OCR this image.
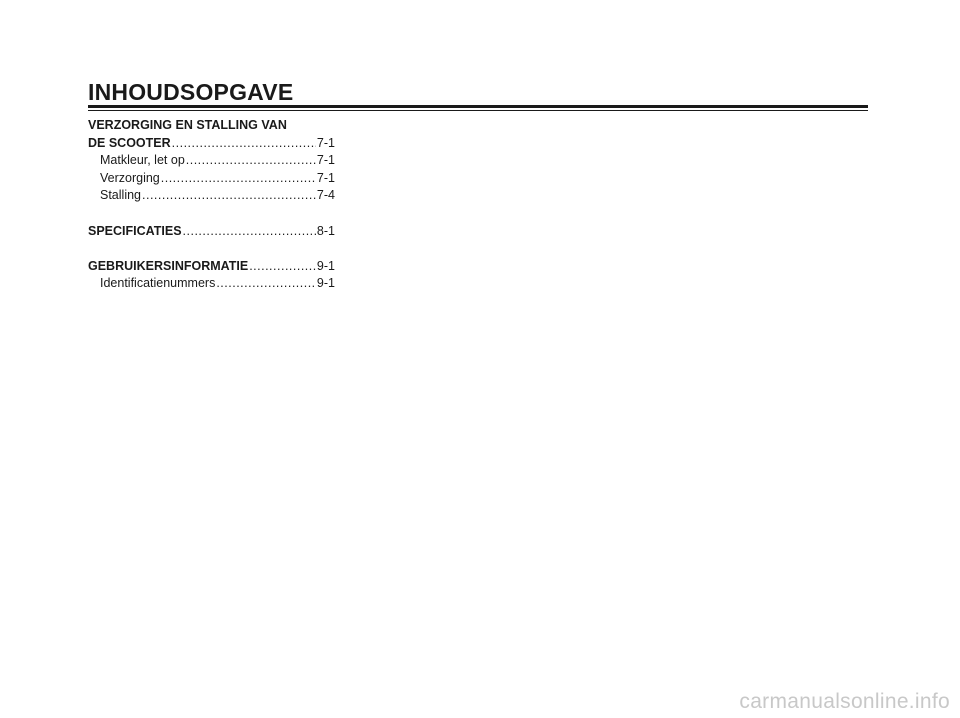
INHOUDSOPGAVE
VERZORGING EN STALLING VAN
DE SCOOTER .....	7-1
Matkleur, let op .....	7-1
Verzorging .....	7-1
Stalling .....	7-4
SPECIFICATIES .....	8-1
GEBRUIKERSINFORMATIE .....	9-1
Identificatienummers .....	9-1
carmanualsonline.info
